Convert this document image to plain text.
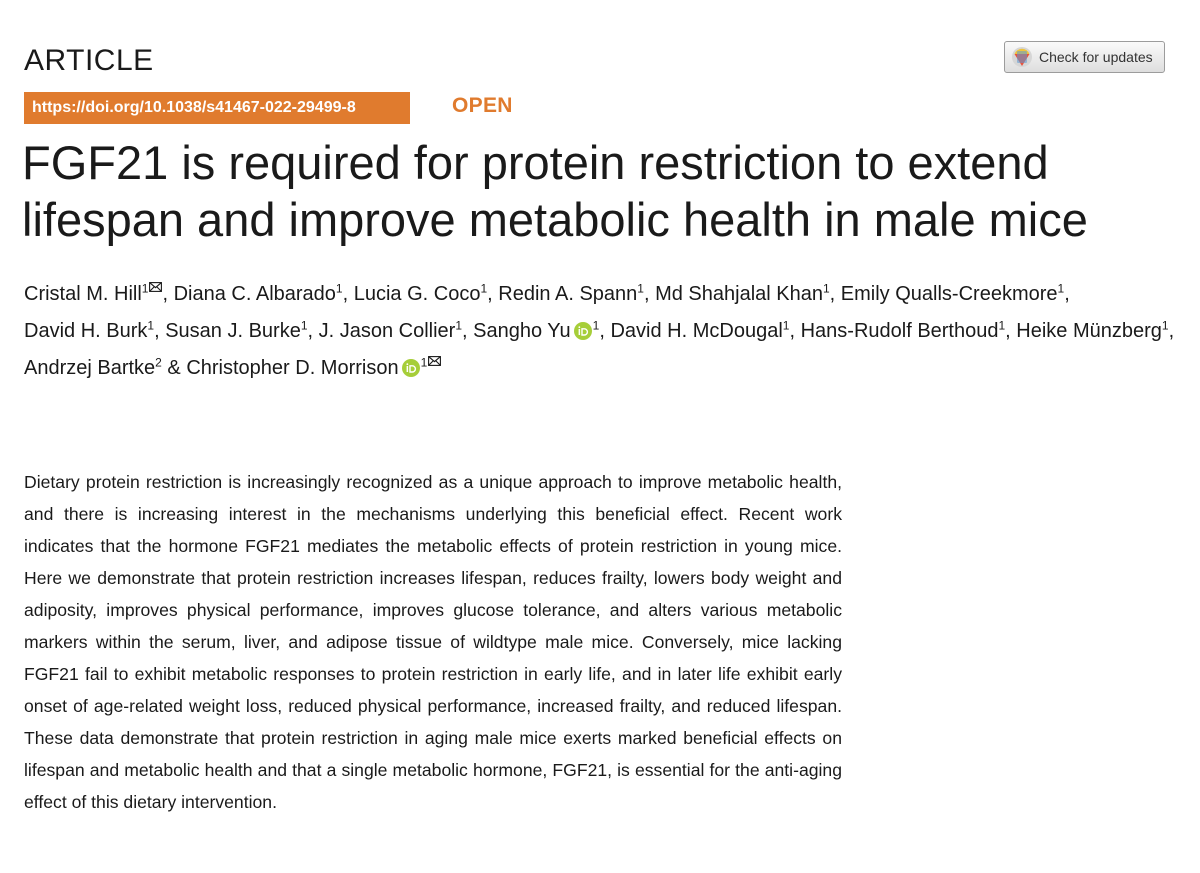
ARTICLE
https://doi.org/10.1038/s41467-022-29499-8	OPEN
Check for updates
FGF21 is required for protein restriction to extend lifespan and improve metabolic health in male mice
Cristal M. Hill$^1$ , Diana C. Albarado$^1$, Lucia G. Coco$^1$, Redin A. Spann$^1$, Md Shahjalal Khan$^1$, Emily Qualls-Creekmore$^1$, David H. Burk$^1$, Susan J. Burke$^1$, J. Jason Collier$^1$, Sangho Yu $^1$, David H. McDougal$^1$, Hans-Rudolf Berthoud$^1$, Heike Münzberg$^1$, Andrzej Bartke$^2$ & Christopher D. Morrison $^1$

Dietary protein restriction is increasingly recognized as a unique approach to improve metabolic health, and there is increasing interest in the mechanisms underlying this beneficial effect. Recent work indicates that the hormone FGF21 mediates the metabolic effects of protein restriction in young mice. Here we demonstrate that protein restriction increases lifespan, reduces frailty, lowers body weight and adiposity, improves physical performance, improves glucose tolerance, and alters various metabolic markers within the serum, liver, and adipose tissue of wildtype male mice. Conversely, mice lacking FGF21 fail to exhibit metabolic responses to protein restriction in early life, and in later life exhibit early onset of age-related weight loss, reduced physical performance, increased frailty, and reduced lifespan. These data demonstrate that protein restriction in aging male mice exerts marked beneficial effects on lifespan and metabolic health and that a single metabolic hormone, FGF21, is essential for the anti-aging effect of this dietary intervention.
